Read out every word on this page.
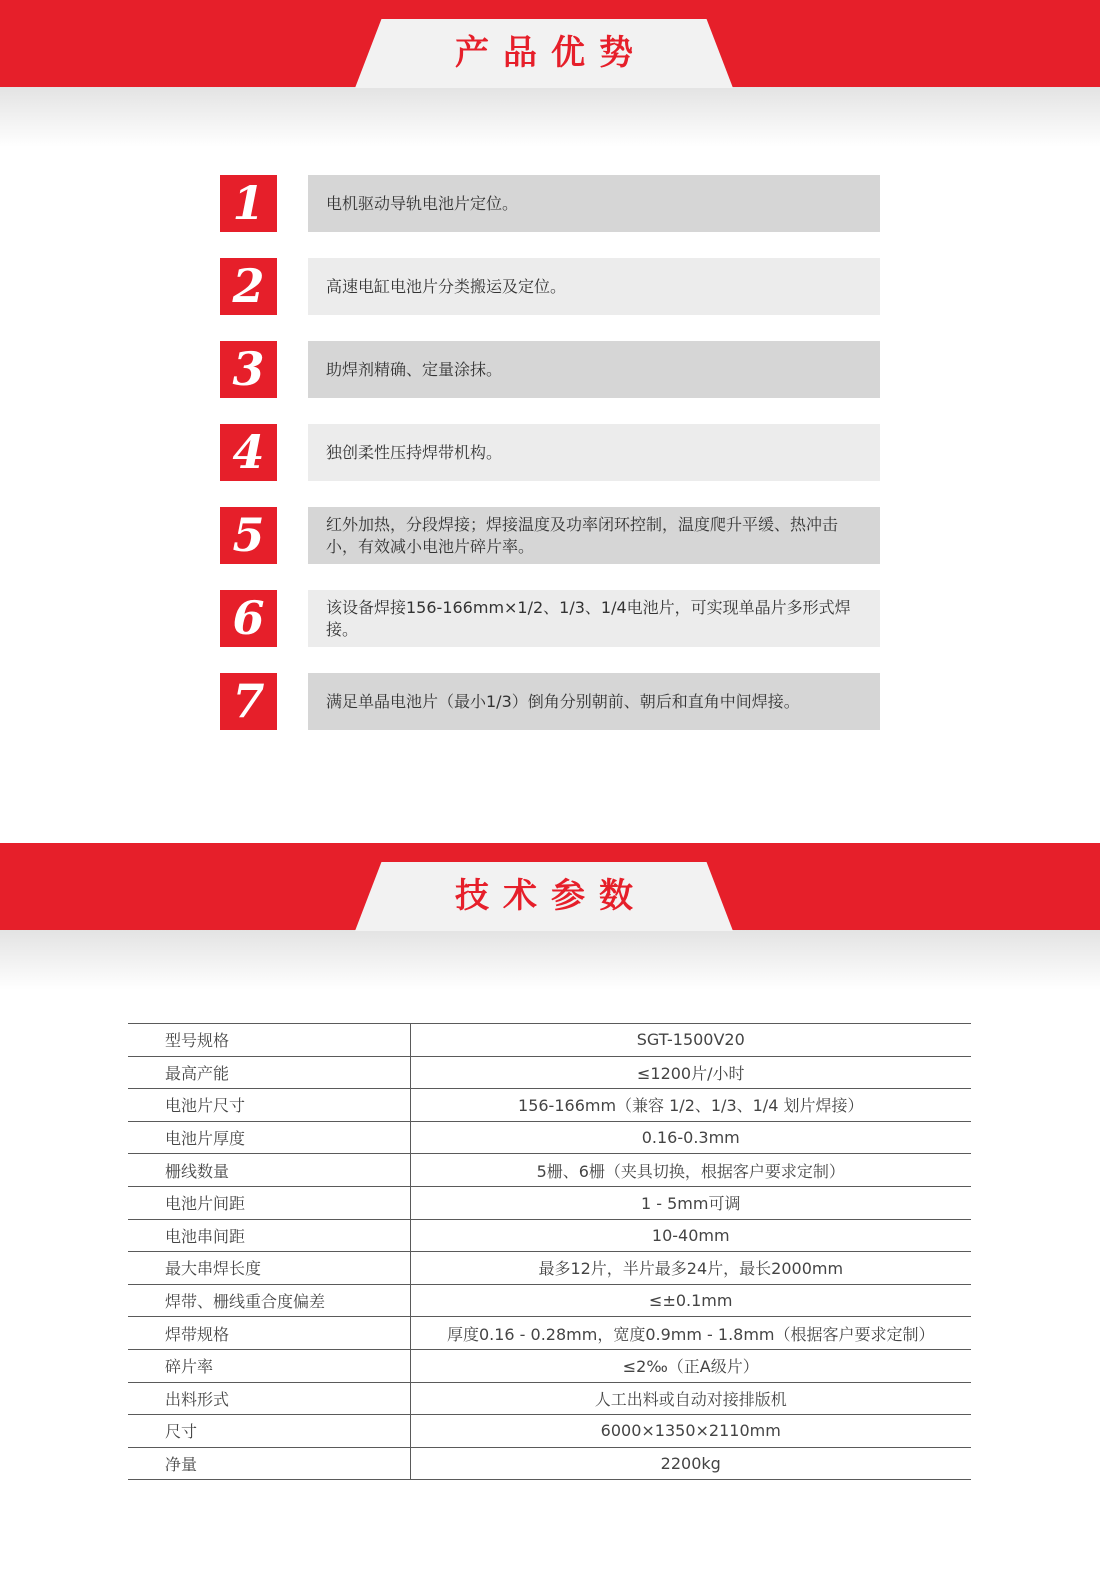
产品优势
1	电机驱动导轨电池片定位。
2	高速电缸电池片分类搬运及定位。
3	助焊剂精确、定量涂抹。
4	独创柔性压持焊带机构。
5	红外加热，分段焊接；焊接温度及功率闭环控制，温度爬升平缓、热冲击小，有效减小电池片碎片率。
6	该设备焊接156-166mm×1/2、1/3、1/4电池片，可实现单晶片多形式焊接。
7	满足单晶电池片（最小1/3）倒角分别朝前、朝后和直角中间焊接。
技术参数
型号规格	SGT-1500V20
最高产能	≤1200片/小时
电池片尺寸	156-166mm（兼容 1/2、1/3、1/4 划片焊接）
电池片厚度	0.16-0.3mm
栅线数量	5栅、6栅（夹具切换，根据客户要求定制）
电池片间距	1 - 5mm可调
电池串间距	10-40mm
最大串焊长度	最多12片，半片最多24片，最长2000mm
焊带、栅线重合度偏差	≤±0.1mm
焊带规格	厚度0.16 - 0.28mm，宽度0.9mm - 1.8mm（根据客户要求定制）
碎片率	≤2‰（正A级片）
出料形式	人工出料或自动对接排版机
尺寸	6000×1350×2110mm
净量	2200kg
